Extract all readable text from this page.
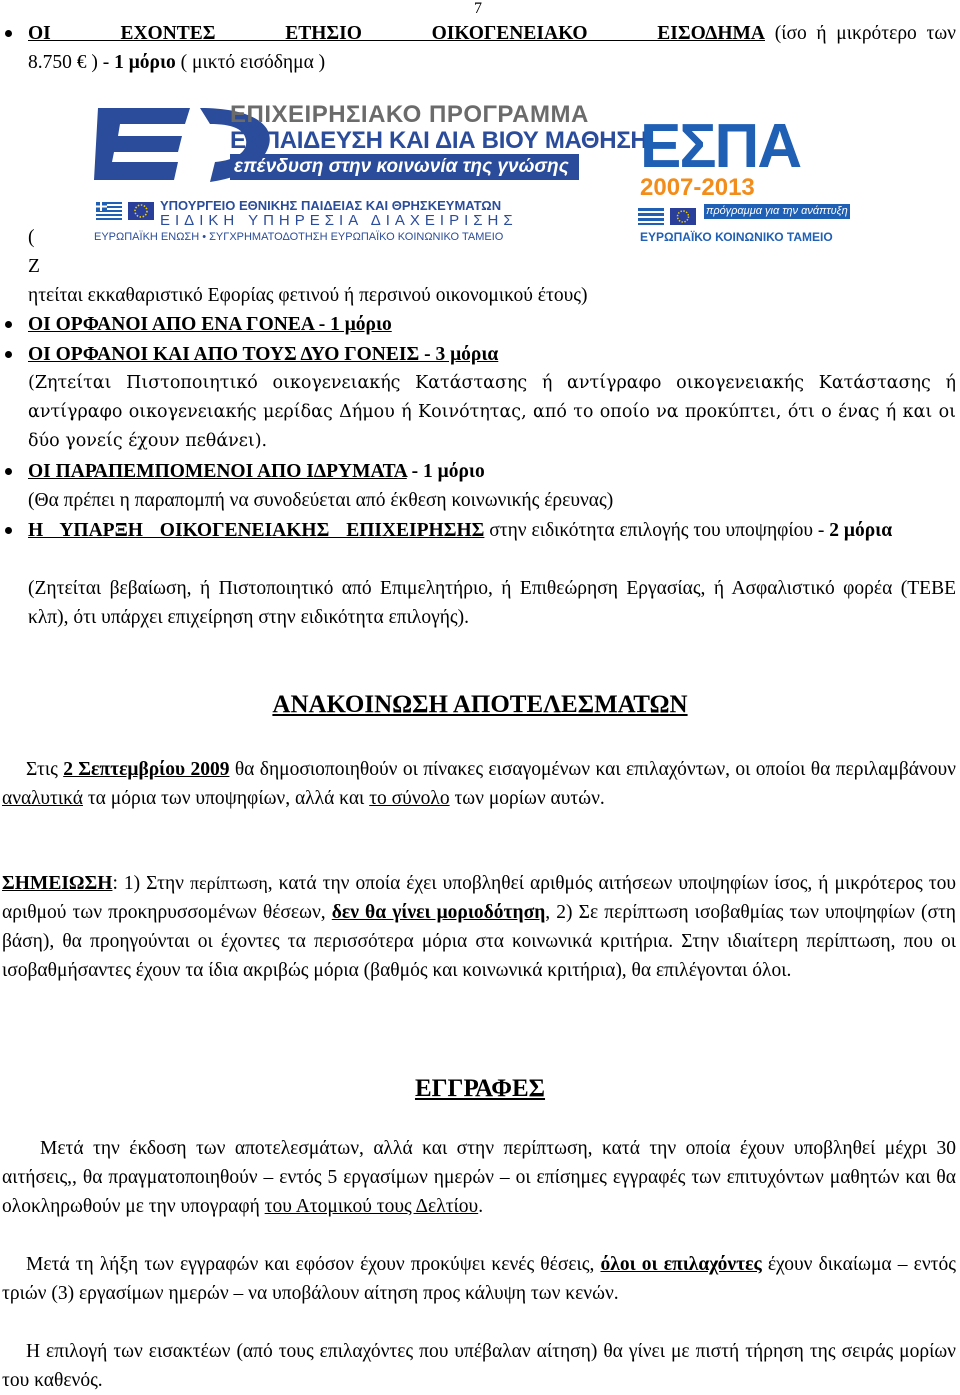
7
ΟΙ ΕΧΟΝΤΕΣ ΕΤΗΣΙΟ ΟΙΚΟΓΕΝΕΙΑΚΟ ΕΙΣΟΔΗΜΑ (ίσο ή μικρότερο των 8.750 € ) - 1 μόριο ( μικτό εισόδημα )
ΕΠΙΧΕΙΡΗΣΙΑΚΟ ΠΡΟΓΡΑΜΜΑ
ΕΚΠΑΙΔΕΥΣΗ ΚΑΙ ΔΙΑ ΒΙΟΥ ΜΑΘΗΣΗ
επένδυση στην κοινωνία της γνώσης
ΥΠΟΥΡΓΕΙΟ ΕΘΝΙΚΗΣ ΠΑΙΔΕΙΑΣ ΚΑΙ ΘΡΗΣΚΕΥΜΑΤΩΝ
ΕΙΔΙΚΗ ΥΠΗΡΕΣΙΑ ΔΙΑΧΕΙΡΙΣΗΣ
ΕΥΡΩΠΑΪΚΗ ΕΝΩΣΗ • ΣΥΓΧΡΗΜΑΤΟΔΟΤΗΣΗ ΕΥΡΩΠΑΪΚΟ ΚΟΙΝΩΝΙΚΟ ΤΑΜΕΙΟ
ΕΣΠΑ
2007-2013
πρόγραμμα για την ανάπτυξη
ΕΥΡΩΠΑΪΚΟ ΚΟΙΝΩΝΙΚΟ ΤΑΜΕΙΟ
(
Ζ
ητείται εκκαθαριστικό Εφορίας φετινού ή περσινού οικονομικού έτους)
ΟΙ ΟΡΦΑΝΟΙ ΑΠΟ ΕΝΑ ΓΟΝΕΑ - 1 μόριο
ΟΙ ΟΡΦΑΝΟΙ ΚΑΙ ΑΠΟ ΤΟΥΣ ΔΥΟ ΓΟΝΕΙΣ - 3 μόρια
(Ζητείται Πιστοποιητικό οικογενειακής Κατάστασης ή αντίγραφο οικογενειακής Κατάστασης ή αντίγραφο οικογενειακής μερίδας Δήμου ή Κοινότητας, από το οποίο να προκύπτει, ότι ο ένας ή και οι δύο γονείς έχουν πεθάνει).
ΟΙ ΠΑΡΑΠΕΜΠΟΜΕΝΟΙ ΑΠΟ ΙΔΡΥΜΑΤΑ - 1 μόριο
(Θα πρέπει η παραπομπή να συνοδεύεται από έκθεση κοινωνικής έρευνας)
Η ΥΠΑΡΞΗ ΟΙΚΟΓΕΝΕΙΑΚΗΣ ΕΠΙΧΕΙΡΗΣΗΣ στην ειδικότητα επιλογής του υποψηφίου - 2 μόρια
(Ζητείται βεβαίωση, ή Πιστοποιητικό από Επιμελητήριο, ή Επιθεώρηση Εργασίας, ή Ασφαλιστικό φορέα (ΤΕΒΕ κλπ), ότι υπάρχει επιχείρηση στην ειδικότητα επιλογής).
ΑΝΑΚΟΙΝΩΣΗ ΑΠΟΤΕΛΕΣΜΑΤΩΝ
Στις 2 Σεπτεμβρίου 2009 θα δημοσιοποιηθούν οι πίνακες εισαγομένων και επιλαχόντων, οι οποίοι θα περιλαμβάνουν αναλυτικά τα μόρια των υποψηφίων, αλλά και το σύνολο των μορίων αυτών.
ΣΗΜΕΙΩΣΗ: 1) Στην περίπτωση, κατά την οποία έχει υποβληθεί αριθμός αιτήσεων υποψηφίων ίσος, ή μικρότερος του αριθμού των προκηρυσσομένων θέσεων, δεν θα γίνει μοριοδότηση, 2) Σε περίπτωση ισοβαθμίας των υποψηφίων (στη βάση), θα προηγούνται οι έχοντες τα περισσότερα μόρια στα κοινωνικά κριτήρια. Στην ιδιαίτερη περίπτωση, που οι ισοβαθμήσαντες έχουν τα ίδια ακριβώς μόρια (βαθμός και κοινωνικά κριτήρια), θα επιλέγονται όλοι.
ΕΓΓΡΑΦΕΣ
Μετά την έκδοση των αποτελεσμάτων, αλλά και στην περίπτωση, κατά την οποία έχουν υποβληθεί μέχρι 30 αιτήσεις,, θα πραγματοποιηθούν – εντός 5 εργασίμων ημερών – οι επίσημες εγγραφές των επιτυχόντων μαθητών και θα ολοκληρωθούν με την υπογραφή του Ατομικού τους Δελτίου.
Μετά τη λήξη των εγγραφών και εφόσον έχουν προκύψει κενές θέσεις, όλοι οι επιλαχόντες έχουν δικαίωμα – εντός τριών (3) εργασίμων ημερών – να υποβάλουν αίτηση προς κάλυψη των κενών.
Η επιλογή των εισακτέων (από τους επιλαχόντες που υπέβαλαν αίτηση) θα γίνει με πιστή τήρηση της σειράς μορίων του καθενός.
